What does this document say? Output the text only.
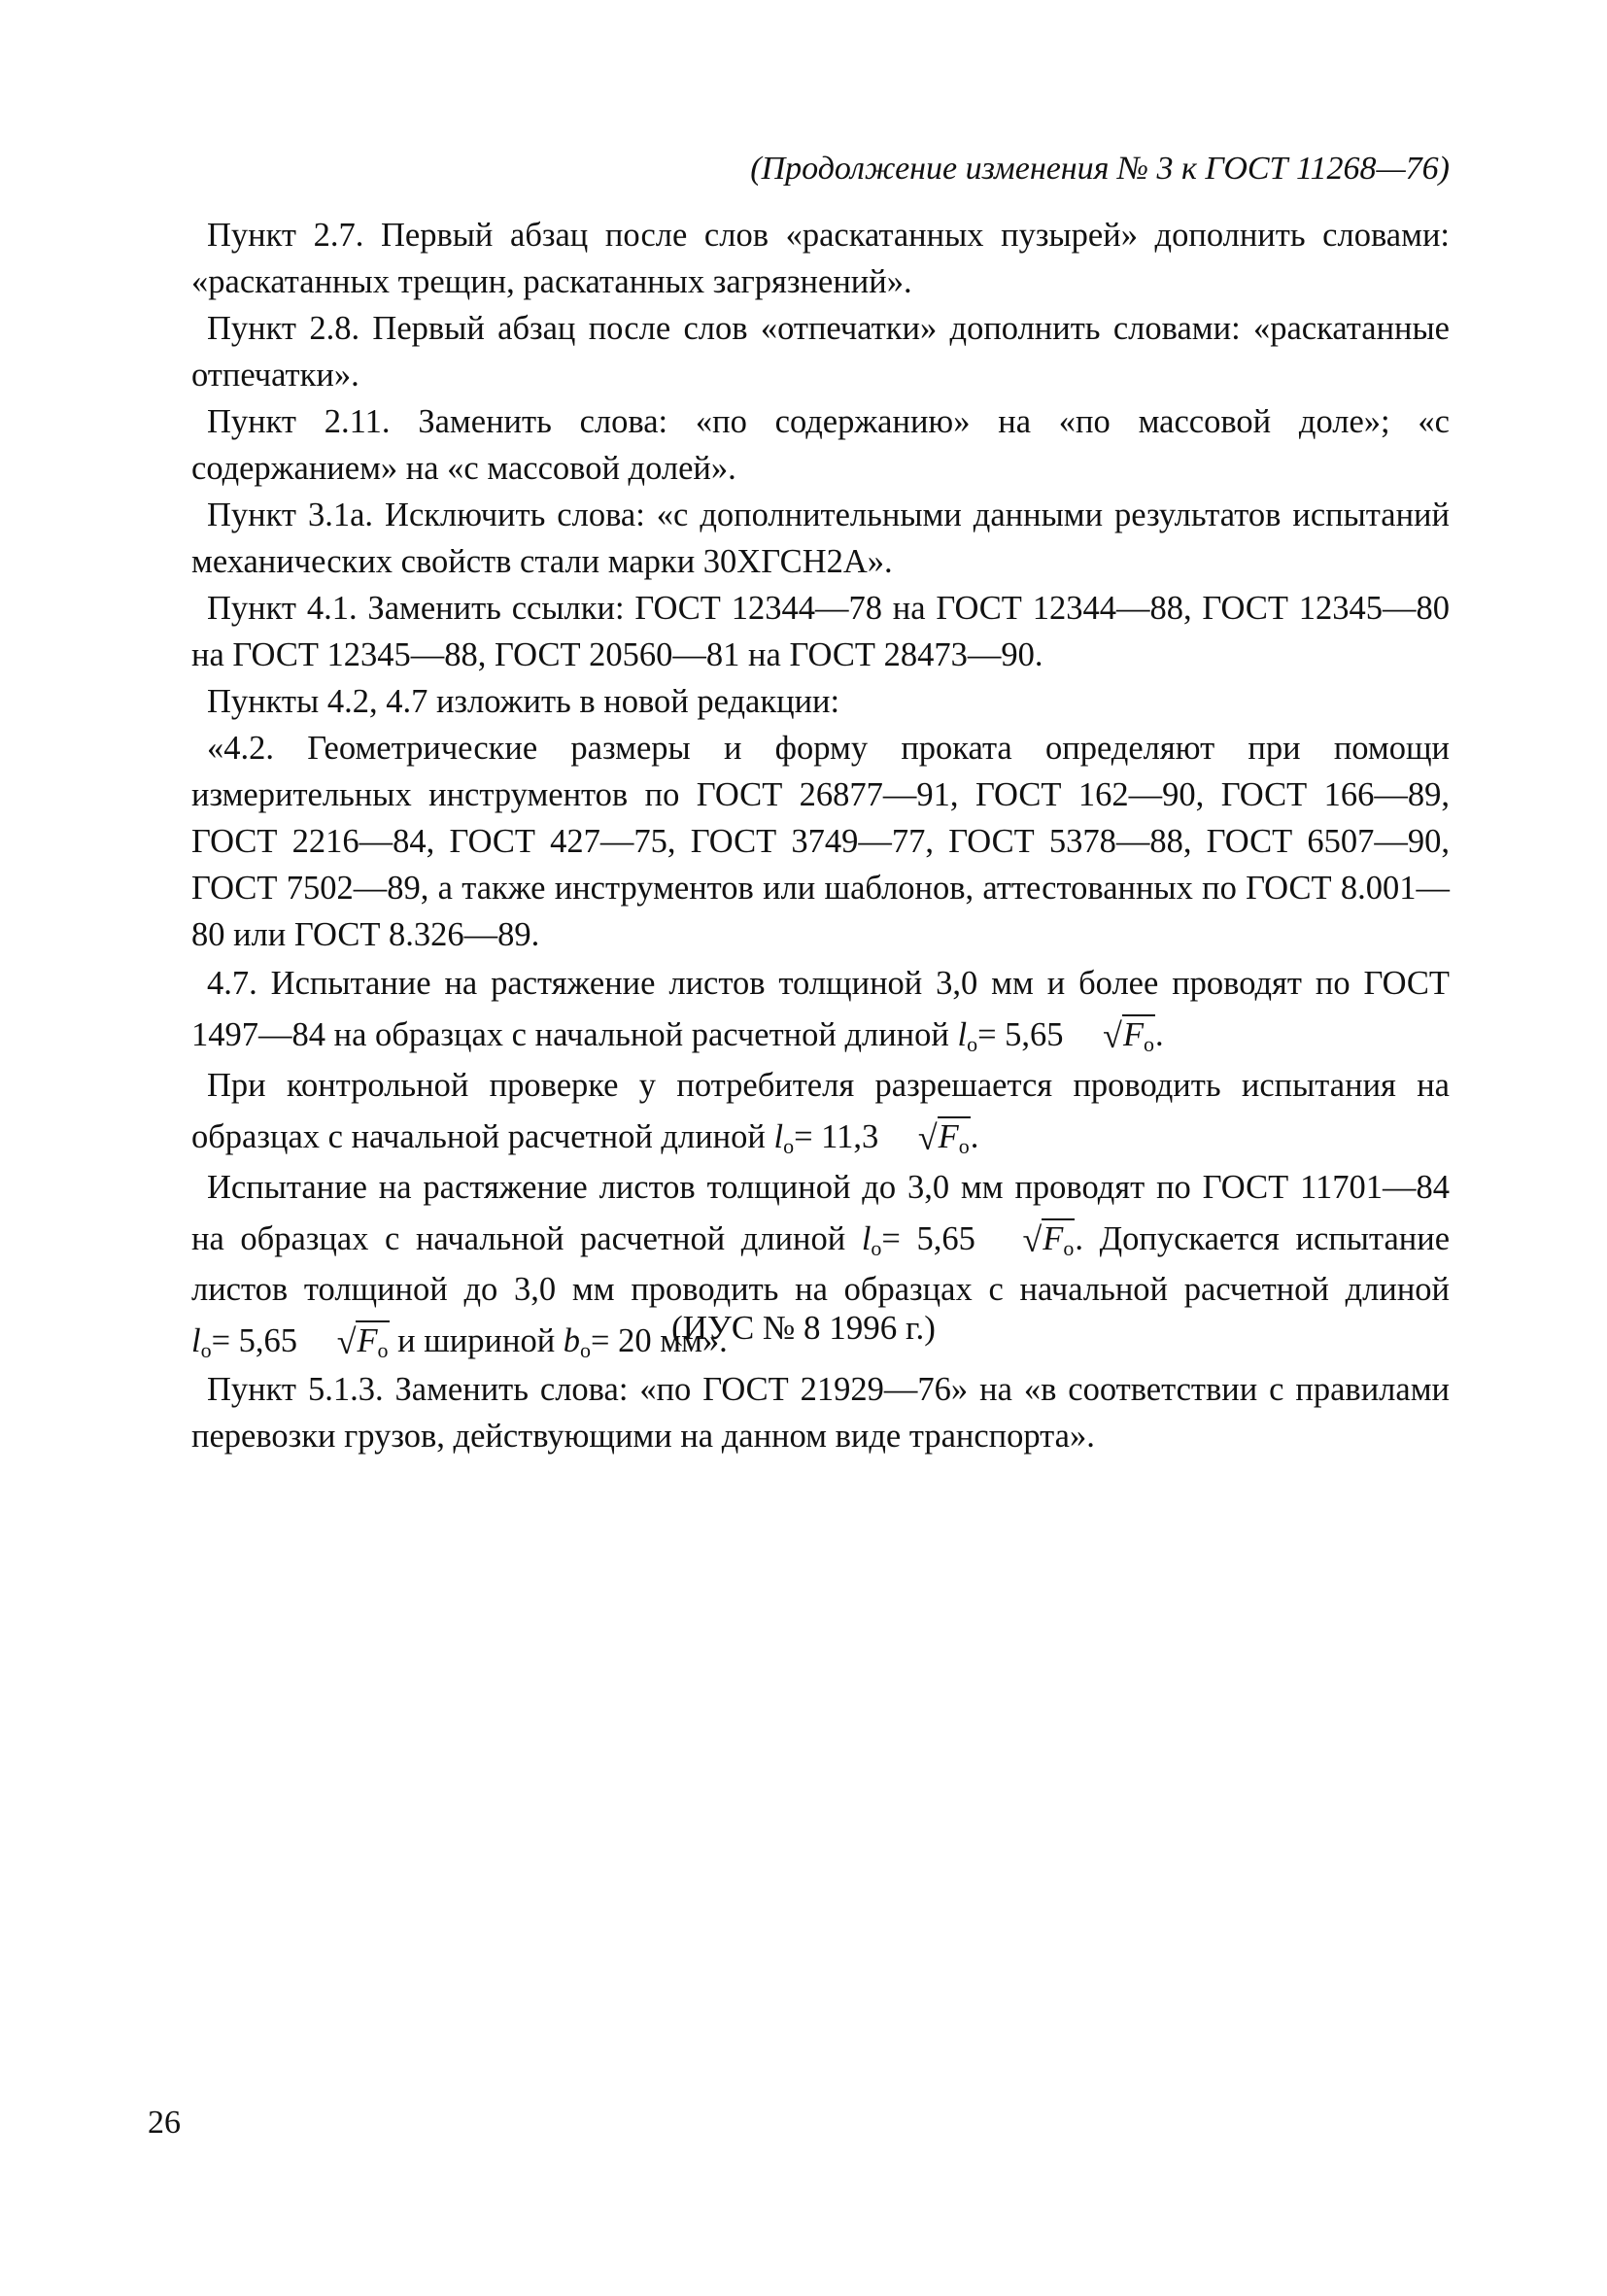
(Продолжение изменения № 3 к ГОСТ 11268—76)

Пункт 2.7. Первый абзац после слов «раскатанных пузырей» дополнить словами: «раскатанных трещин, раскатанных загрязнений».

Пункт 2.8. Первый абзац после слов «отпечатки» дополнить словами: «раскатанные отпечатки».

Пункт 2.11. Заменить слова: «по содержанию» на «по массовой доле»; «с содержанием» на «с массовой долей».

Пункт 3.1а. Исключить слова: «с дополнительными данными результатов испытаний механических свойств стали марки 30ХГСН2А».

Пункт 4.1. Заменить ссылки: ГОСТ 12344—78 на ГОСТ 12344—88, ГОСТ 12345—80 на ГОСТ 12345—88, ГОСТ 20560—81 на ГОСТ 28473—90.

Пункты 4.2, 4.7 изложить в новой редакции:

«4.2. Геометрические размеры и форму проката определяют при помощи измерительных инструментов по ГОСТ 26877—91, ГОСТ 162—90, ГОСТ 166—89, ГОСТ 2216—84, ГОСТ 427—75, ГОСТ 3749—77, ГОСТ 5378—88, ГОСТ 6507—90, ГОСТ 7502—89, а также инструментов или шаблонов, аттестованных по ГОСТ 8.001—80 или ГОСТ 8.326—89.

4.7. Испытание на растяжение листов толщиной 3,0 мм и более проводят по ГОСТ 1497—84 на образцах с начальной расчетной длиной $l_о= 5,65$ $√F_о$.

При контрольной проверке у потребителя разрешается проводить испытания на образцах с начальной расчетной длиной $l_о= 11,3$ $√F_о$.

Испытание на растяжение листов толщиной до 3,0 мм проводят по ГОСТ 11701—84 на образцах с начальной расчетной длиной $l_о= 5,65$ $√F_о$. Допускается испытание листов толщиной до 3,0 мм проводить на образцах с начальной расчетной длиной $l_о= 5,65$ $√F_о$ и шириной $b_о= 20$ мм».

Пункт 5.1.3. Заменить слова: «по ГОСТ 21929—76» на «в соответствии с правилами перевозки грузов, действующими на данном виде транспорта».

(ИУС № 8 1996 г.)
26
